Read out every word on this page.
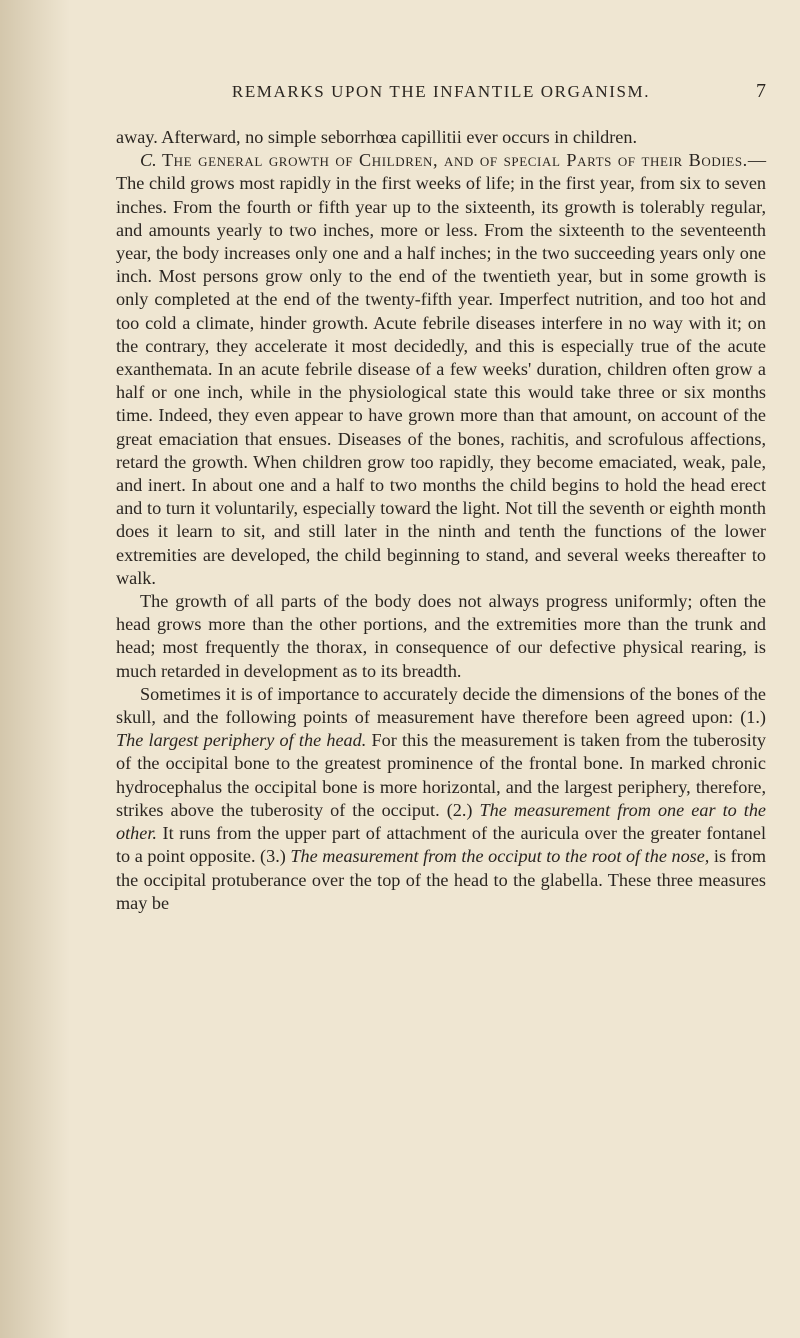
REMARKS UPON THE INFANTILE ORGANISM.	7

away. Afterward, no simple seborrhœa capillitii ever occurs in children.

C. The general growth of Children, and of special Parts of their Bodies.—The child grows most rapidly in the first weeks of life; in the first year, from six to seven inches. From the fourth or fifth year up to the sixteenth, its growth is tolerably regular, and amounts yearly to two inches, more or less. From the sixteenth to the seventeenth year, the body increases only one and a half inches; in the two succeeding years only one inch. Most persons grow only to the end of the twentieth year, but in some growth is only completed at the end of the twenty-fifth year. Imperfect nutrition, and too hot and too cold a climate, hinder growth. Acute febrile diseases interfere in no way with it; on the contrary, they accelerate it most decidedly, and this is especially true of the acute exanthemata. In an acute febrile disease of a few weeks' duration, children often grow a half or one inch, while in the physiological state this would take three or six months time. Indeed, they even appear to have grown more than that amount, on account of the great emaciation that ensues. Diseases of the bones, rachitis, and scrofulous affections, retard the growth. When children grow too rapidly, they become emaciated, weak, pale, and inert. In about one and a half to two months the child begins to hold the head erect and to turn it voluntarily, especially toward the light. Not till the seventh or eighth month does it learn to sit, and still later in the ninth and tenth the functions of the lower extremities are developed, the child beginning to stand, and several weeks thereafter to walk.

The growth of all parts of the body does not always progress uniformly; often the head grows more than the other portions, and the extremities more than the trunk and head; most frequently the thorax, in consequence of our defective physical rearing, is much retarded in development as to its breadth.

Sometimes it is of importance to accurately decide the dimensions of the bones of the skull, and the following points of measurement have therefore been agreed upon: (1.) The largest periphery of the head. For this the measurement is taken from the tuberosity of the occipital bone to the greatest prominence of the frontal bone. In marked chronic hydrocephalus the occipital bone is more horizontal, and the largest periphery, therefore, strikes above the tuberosity of the occiput. (2.) The measurement from one ear to the other. It runs from the upper part of attachment of the auricula over the greater fontanel to a point opposite. (3.) The measurement from the occiput to the root of the nose, is from the occipital protuberance over the top of the head to the glabella. These three measures may be
